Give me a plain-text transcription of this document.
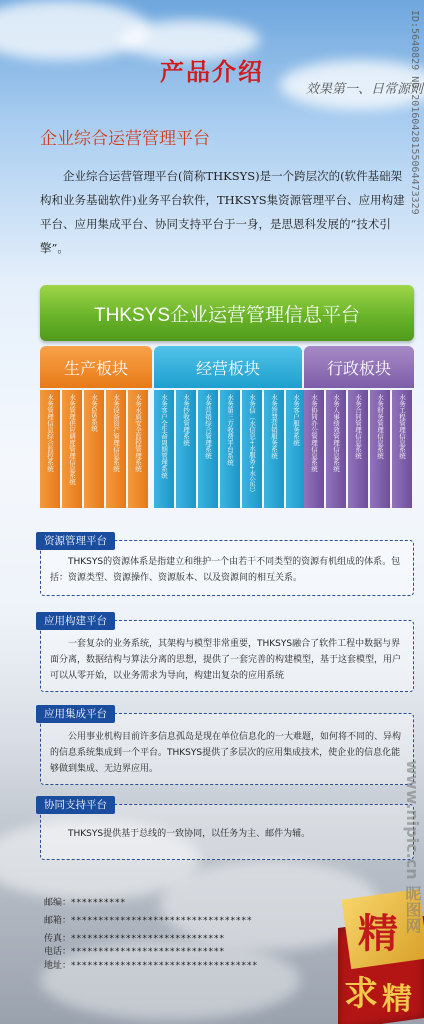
产品介绍
效果第一、日常源则
ID:5640829 NO:20160428155064473329
企业综合运营管理平台
企业综合运营管理平台(简称THKSYS)是一个跨层次的(软件基础架构和业务基础软件)业务平台软件，THKSYS集资源管理平台、应用构建平台、应用集成平台、协同支持平台于一身，是思恩科发展的“技术引擎”。
THKSYS企业运营管理信息平台
生产板块	经营板块	行政板块
水务管理信息综合监控系统	水务管理供应调度管理信息系统	水务GIS系统	水务设备资产管理信息系统	水务水质安全监控管理系统	水务客户全生命周期管理系统	水务抄收管理系统	水务营销综合管理系统	水务第三方收费平台系统	水务信（水信息+水服务+水公告）	水务智慧营销服务系统	水务客户服务系统	水务协同办公管理信息系统	水务人事绩效管理信息系统	水务合同管理信息系统	水务财务管理信息系统	水务工程管理信息系统
资源管理平台
THKSYS的资源体系是指建立和维护一个由若干不同类型的资源有机组成的体系。包括：资源类型、资源操作、资源版本、以及资源间的相互关系。
应用构建平台
一套复杂的业务系统，其架构与模型非常重要，THKSYS融合了软件工程中数据与界面分离，数据结构与算法分离的思想，提供了一套完善的构建模型，基于这套模型，用户可以从零开始，以业务需求为导向，构建出复杂的应用系统
应用集成平台
公用事业机构目前许多信息孤岛是现在单位信息化的一大难题，如何将不同的、异构的信息系统集成到一个平台。THKSYS提供了多层次的应用集成技术，使企业的信息化能够做到集成、无边界应用。
协同支持平台
THKSYS提供基于总线的一致协同，以任务为主、邮件为辅。
邮编：**********
邮箱：*********************************
传真：****************************
电话：****************************
地址：**********************************
精
求 精
www.nipic.cn 昵图网
